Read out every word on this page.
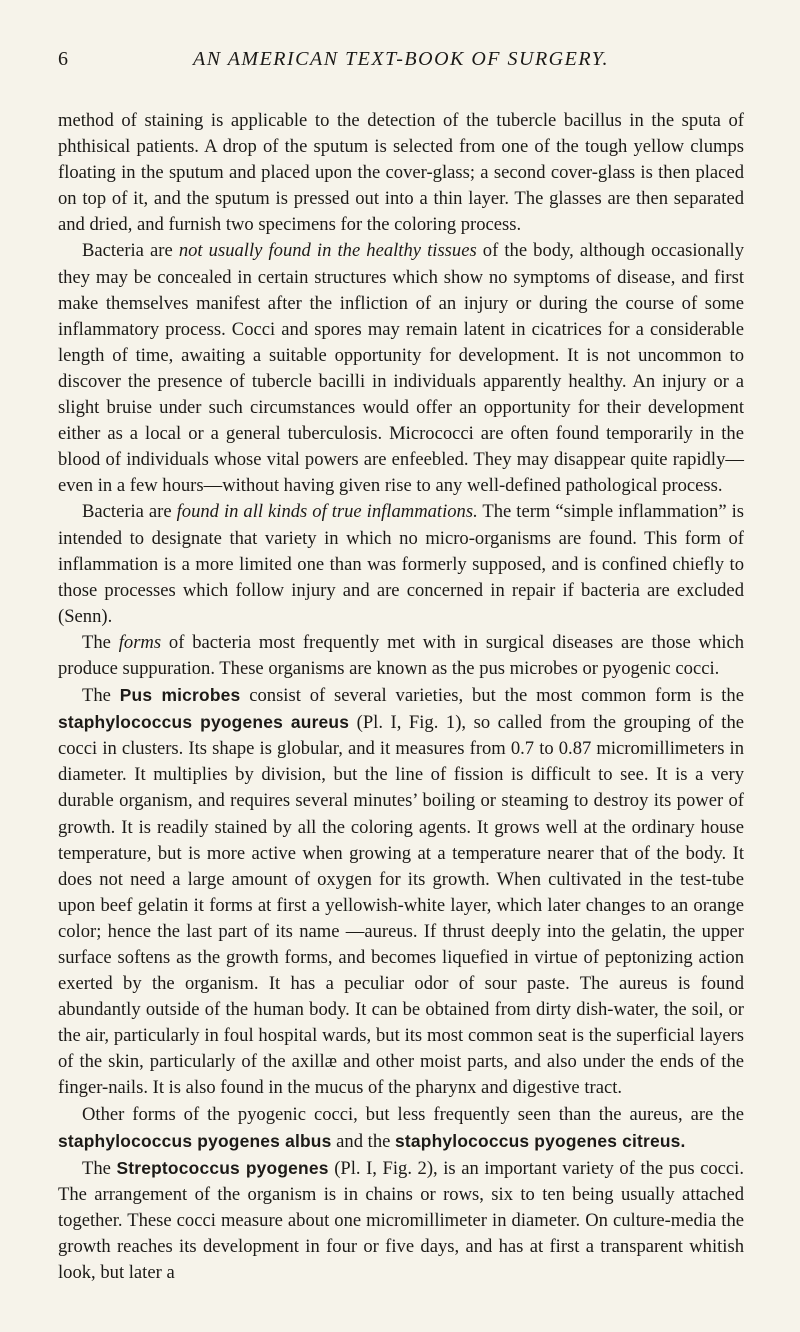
6	AN AMERICAN TEXT-BOOK OF SURGERY.

method of staining is applicable to the detection of the tubercle bacillus in the sputa of phthisical patients. A drop of the sputum is selected from one of the tough yellow clumps floating in the sputum and placed upon the cover-glass; a second cover-glass is then placed on top of it, and the sputum is pressed out into a thin layer. The glasses are then separated and dried, and furnish two specimens for the coloring process.

Bacteria are not usually found in the healthy tissues of the body, although occasionally they may be concealed in certain structures which show no symptoms of disease, and first make themselves manifest after the infliction of an injury or during the course of some inflammatory process. Cocci and spores may remain latent in cicatrices for a considerable length of time, awaiting a suitable opportunity for development. It is not uncommon to discover the presence of tubercle bacilli in individuals apparently healthy. An injury or a slight bruise under such circumstances would offer an opportunity for their development either as a local or a general tuberculosis. Micrococci are often found temporarily in the blood of individuals whose vital powers are enfeebled. They may disappear quite rapidly—even in a few hours—without having given rise to any well-defined pathological process.

Bacteria are found in all kinds of true inflammations. The term “simple inflammation” is intended to designate that variety in which no micro-organisms are found. This form of inflammation is a more limited one than was formerly supposed, and is confined chiefly to those processes which follow injury and are concerned in repair if bacteria are excluded (Senn).

The forms of bacteria most frequently met with in surgical diseases are those which produce suppuration. These organisms are known as the pus microbes or pyogenic cocci.

The Pus microbes consist of several varieties, but the most common form is the staphylococcus pyogenes aureus (Pl. I, Fig. 1), so called from the grouping of the cocci in clusters. Its shape is globular, and it measures from 0.7 to 0.87 micromillimeters in diameter. It multiplies by division, but the line of fission is difficult to see. It is a very durable organism, and requires several minutes’ boiling or steaming to destroy its power of growth. It is readily stained by all the coloring agents. It grows well at the ordinary house temperature, but is more active when growing at a temperature nearer that of the body. It does not need a large amount of oxygen for its growth. When cultivated in the test-tube upon beef gelatin it forms at first a yellowish-white layer, which later changes to an orange color; hence the last part of its name —aureus. If thrust deeply into the gelatin, the upper surface softens as the growth forms, and becomes liquefied in virtue of peptonizing action exerted by the organism. It has a peculiar odor of sour paste. The aureus is found abundantly outside of the human body. It can be obtained from dirty dish-water, the soil, or the air, particularly in foul hospital wards, but its most common seat is the superficial layers of the skin, particularly of the axillæ and other moist parts, and also under the ends of the finger-nails. It is also found in the mucus of the pharynx and digestive tract.

Other forms of the pyogenic cocci, but less frequently seen than the aureus, are the staphylococcus pyogenes albus and the staphylococcus pyogenes citreus.

The Streptococcus pyogenes (Pl. I, Fig. 2), is an important variety of the pus cocci. The arrangement of the organism is in chains or rows, six to ten being usually attached together. These cocci measure about one micromillimeter in diameter. On culture-media the growth reaches its development in four or five days, and has at first a transparent whitish look, but later a
